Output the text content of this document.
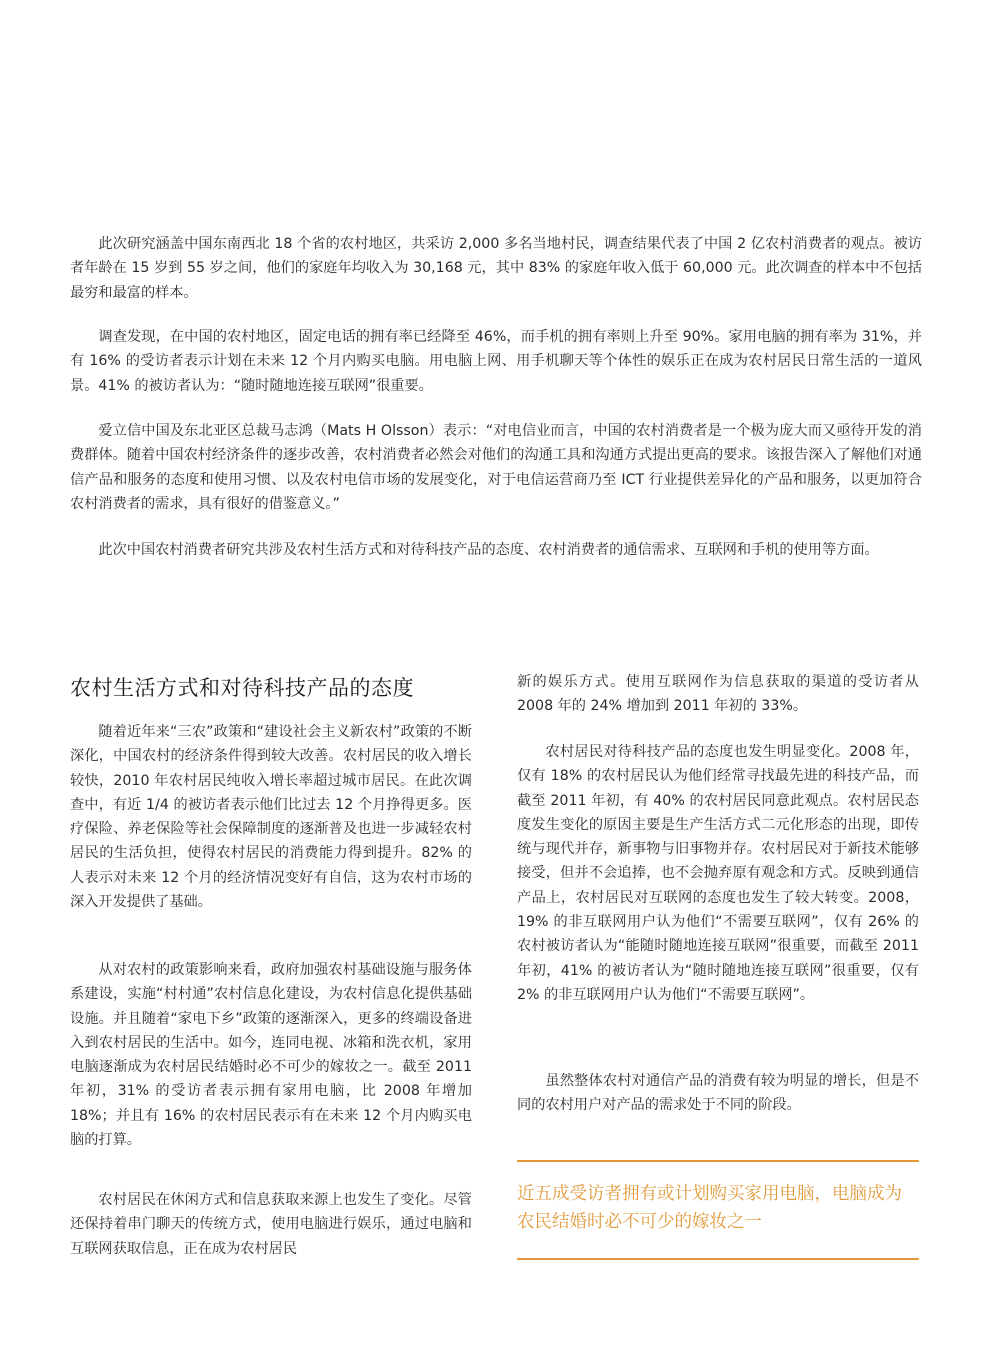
此次研究涵盖中国东南西北 18 个省的农村地区，共采访 2,000 多名当地村民，调查结果代表了中国 2 亿农村消费者的观点。被访者年龄在 15 岁到 55 岁之间，他们的家庭年均收入为 30,168 元，其中 83% 的家庭年收入低于 60,000 元。此次调查的样本中不包括最穷和最富的样本。

调查发现，在中国的农村地区，固定电话的拥有率已经降至 46%，而手机的拥有率则上升至 90%。家用电脑的拥有率为 31%，并有 16% 的受访者表示计划在未来 12 个月内购买电脑。用电脑上网、用手机聊天等个体性的娱乐正在成为农村居民日常生活的一道风景。41% 的被访者认为：“随时随地连接互联网”很重要。

爱立信中国及东北亚区总裁马志鸿（Mats H Olsson）表示：“对电信业而言，中国的农村消费者是一个极为庞大而又亟待开发的消费群体。随着中国农村经济条件的逐步改善，农村消费者必然会对他们的沟通工具和沟通方式提出更高的要求。该报告深入了解他们对通信产品和服务的态度和使用习惯、以及农村电信市场的发展变化，对于电信运营商乃至 ICT 行业提供差异化的产品和服务，以更加符合农村消费者的需求，具有很好的借鉴意义。”

此次中国农村消费者研究共涉及农村生活方式和对待科技产品的态度、农村消费者的通信需求、互联网和手机的使用等方面。

农村生活方式和对待科技产品的态度

随着近年来“三农”政策和“建设社会主义新农村”政策的不断深化，中国农村的经济条件得到较大改善。农村居民的收入增长较快，2010 年农村居民纯收入增长率超过城市居民。在此次调查中，有近 1/4 的被访者表示他们比过去 12 个月挣得更多。医疗保险、养老保险等社会保障制度的逐渐普及也进一步减轻农村居民的生活负担，使得农村居民的消费能力得到提升。82% 的人表示对未来 12 个月的经济情况变好有自信，这为农村市场的深入开发提供了基础。

从对农村的政策影响来看，政府加强农村基础设施与服务体系建设，实施“村村通”农村信息化建设，为农村信息化提供基础设施。并且随着“家电下乡”政策的逐渐深入，更多的终端设备进入到农村居民的生活中。如今，连同电视、冰箱和洗衣机，家用电脑逐渐成为农村居民结婚时必不可少的嫁妆之一。截至 2011 年初，31% 的受访者表示拥有家用电脑，比 2008 年增加 18%；并且有 16% 的农村居民表示有在未来 12 个月内购买电脑的打算。

农村居民在休闲方式和信息获取来源上也发生了变化。尽管还保持着串门聊天的传统方式，使用电脑进行娱乐，通过电脑和互联网获取信息，正在成为农村居民

新的娱乐方式。使用互联网作为信息获取的渠道的受访者从 2008 年的 24% 增加到 2011 年初的 33%。

农村居民对待科技产品的态度也发生明显变化。2008 年，仅有 18% 的农村居民认为他们经常寻找最先进的科技产品，而截至 2011 年初，有 40% 的农村居民同意此观点。农村居民态度发生变化的原因主要是生产生活方式二元化形态的出现，即传统与现代并存，新事物与旧事物并存。农村居民对于新技术能够接受，但并不会追捧，也不会抛弃原有观念和方式。反映到通信产品上，农村居民对互联网的态度也发生了较大转变。2008，19% 的非互联网用户认为他们“不需要互联网”，仅有 26% 的农村被访者认为“能随时随地连接互联网”很重要，而截至 2011 年初，41% 的被访者认为“随时随地连接互联网”很重要，仅有 2% 的非互联网用户认为他们“不需要互联网”。

虽然整体农村对通信产品的消费有较为明显的增长，但是不同的农村用户对产品的需求处于不同的阶段。

近五成受访者拥有或计划购买家用电脑，电脑成为农民结婚时必不可少的嫁妆之一
